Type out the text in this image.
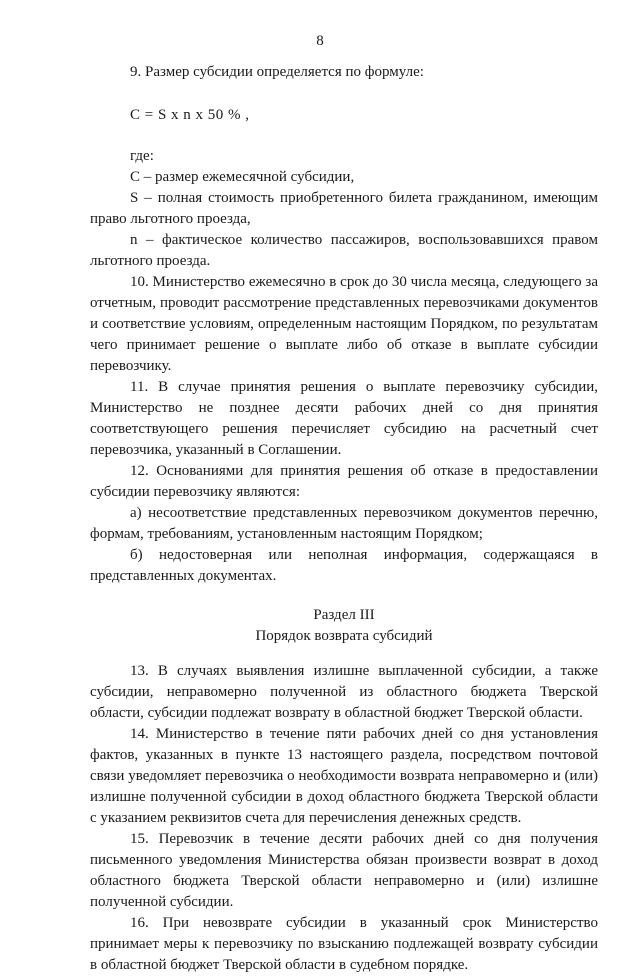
8

9. Размер субсидии определяется по формуле:

C = S x n x 50 % ,

где:

С – размер ежемесячной субсидии,

S – полная стоимость приобретенного билета гражданином, имеющим право льготного проезда,

n – фактическое количество пассажиров, воспользовавшихся правом льготного проезда.

10. Министерство ежемесячно в срок до 30 числа месяца, следующего за отчетным, проводит рассмотрение представленных перевозчиками документов и соответствие условиям, определенным настоящим Порядком, по результатам чего принимает решение о выплате либо об отказе в выплате субсидии перевозчику.

11. В случае принятия решения о выплате перевозчику субсидии, Министерство не позднее десяти рабочих дней со дня принятия соответствующего решения перечисляет субсидию на расчетный счет перевозчика, указанный в Соглашении.

12. Основаниями для принятия решения об отказе в предоставлении субсидии перевозчику являются:

а) несоответствие представленных перевозчиком документов перечню, формам, требованиям, установленным настоящим Порядком;

б) недостоверная или неполная информация, содержащаяся в представленных документах.

Раздел III

Порядок возврата субсидий

13. В случаях выявления излишне выплаченной субсидии, а также субсидии, неправомерно полученной из областного бюджета Тверской области, субсидии подлежат возврату в областной бюджет Тверской области.

14. Министерство в течение пяти рабочих дней со дня установления фактов, указанных в пункте 13 настоящего раздела, посредством почтовой связи уведомляет перевозчика о необходимости возврата неправомерно и (или) излишне полученной субсидии в доход областного бюджета Тверской области с указанием реквизитов счета для перечисления денежных средств.

15. Перевозчик в течение десяти рабочих дней со дня получения письменного уведомления Министерства обязан произвести возврат в доход областного бюджета Тверской области неправомерно и (или) излишне полученной субсидии.

16. При невозврате субсидии в указанный срок Министерство принимает меры к перевозчику по взысканию подлежащей возврату субсидии в областной бюджет Тверской области в судебном порядке.
